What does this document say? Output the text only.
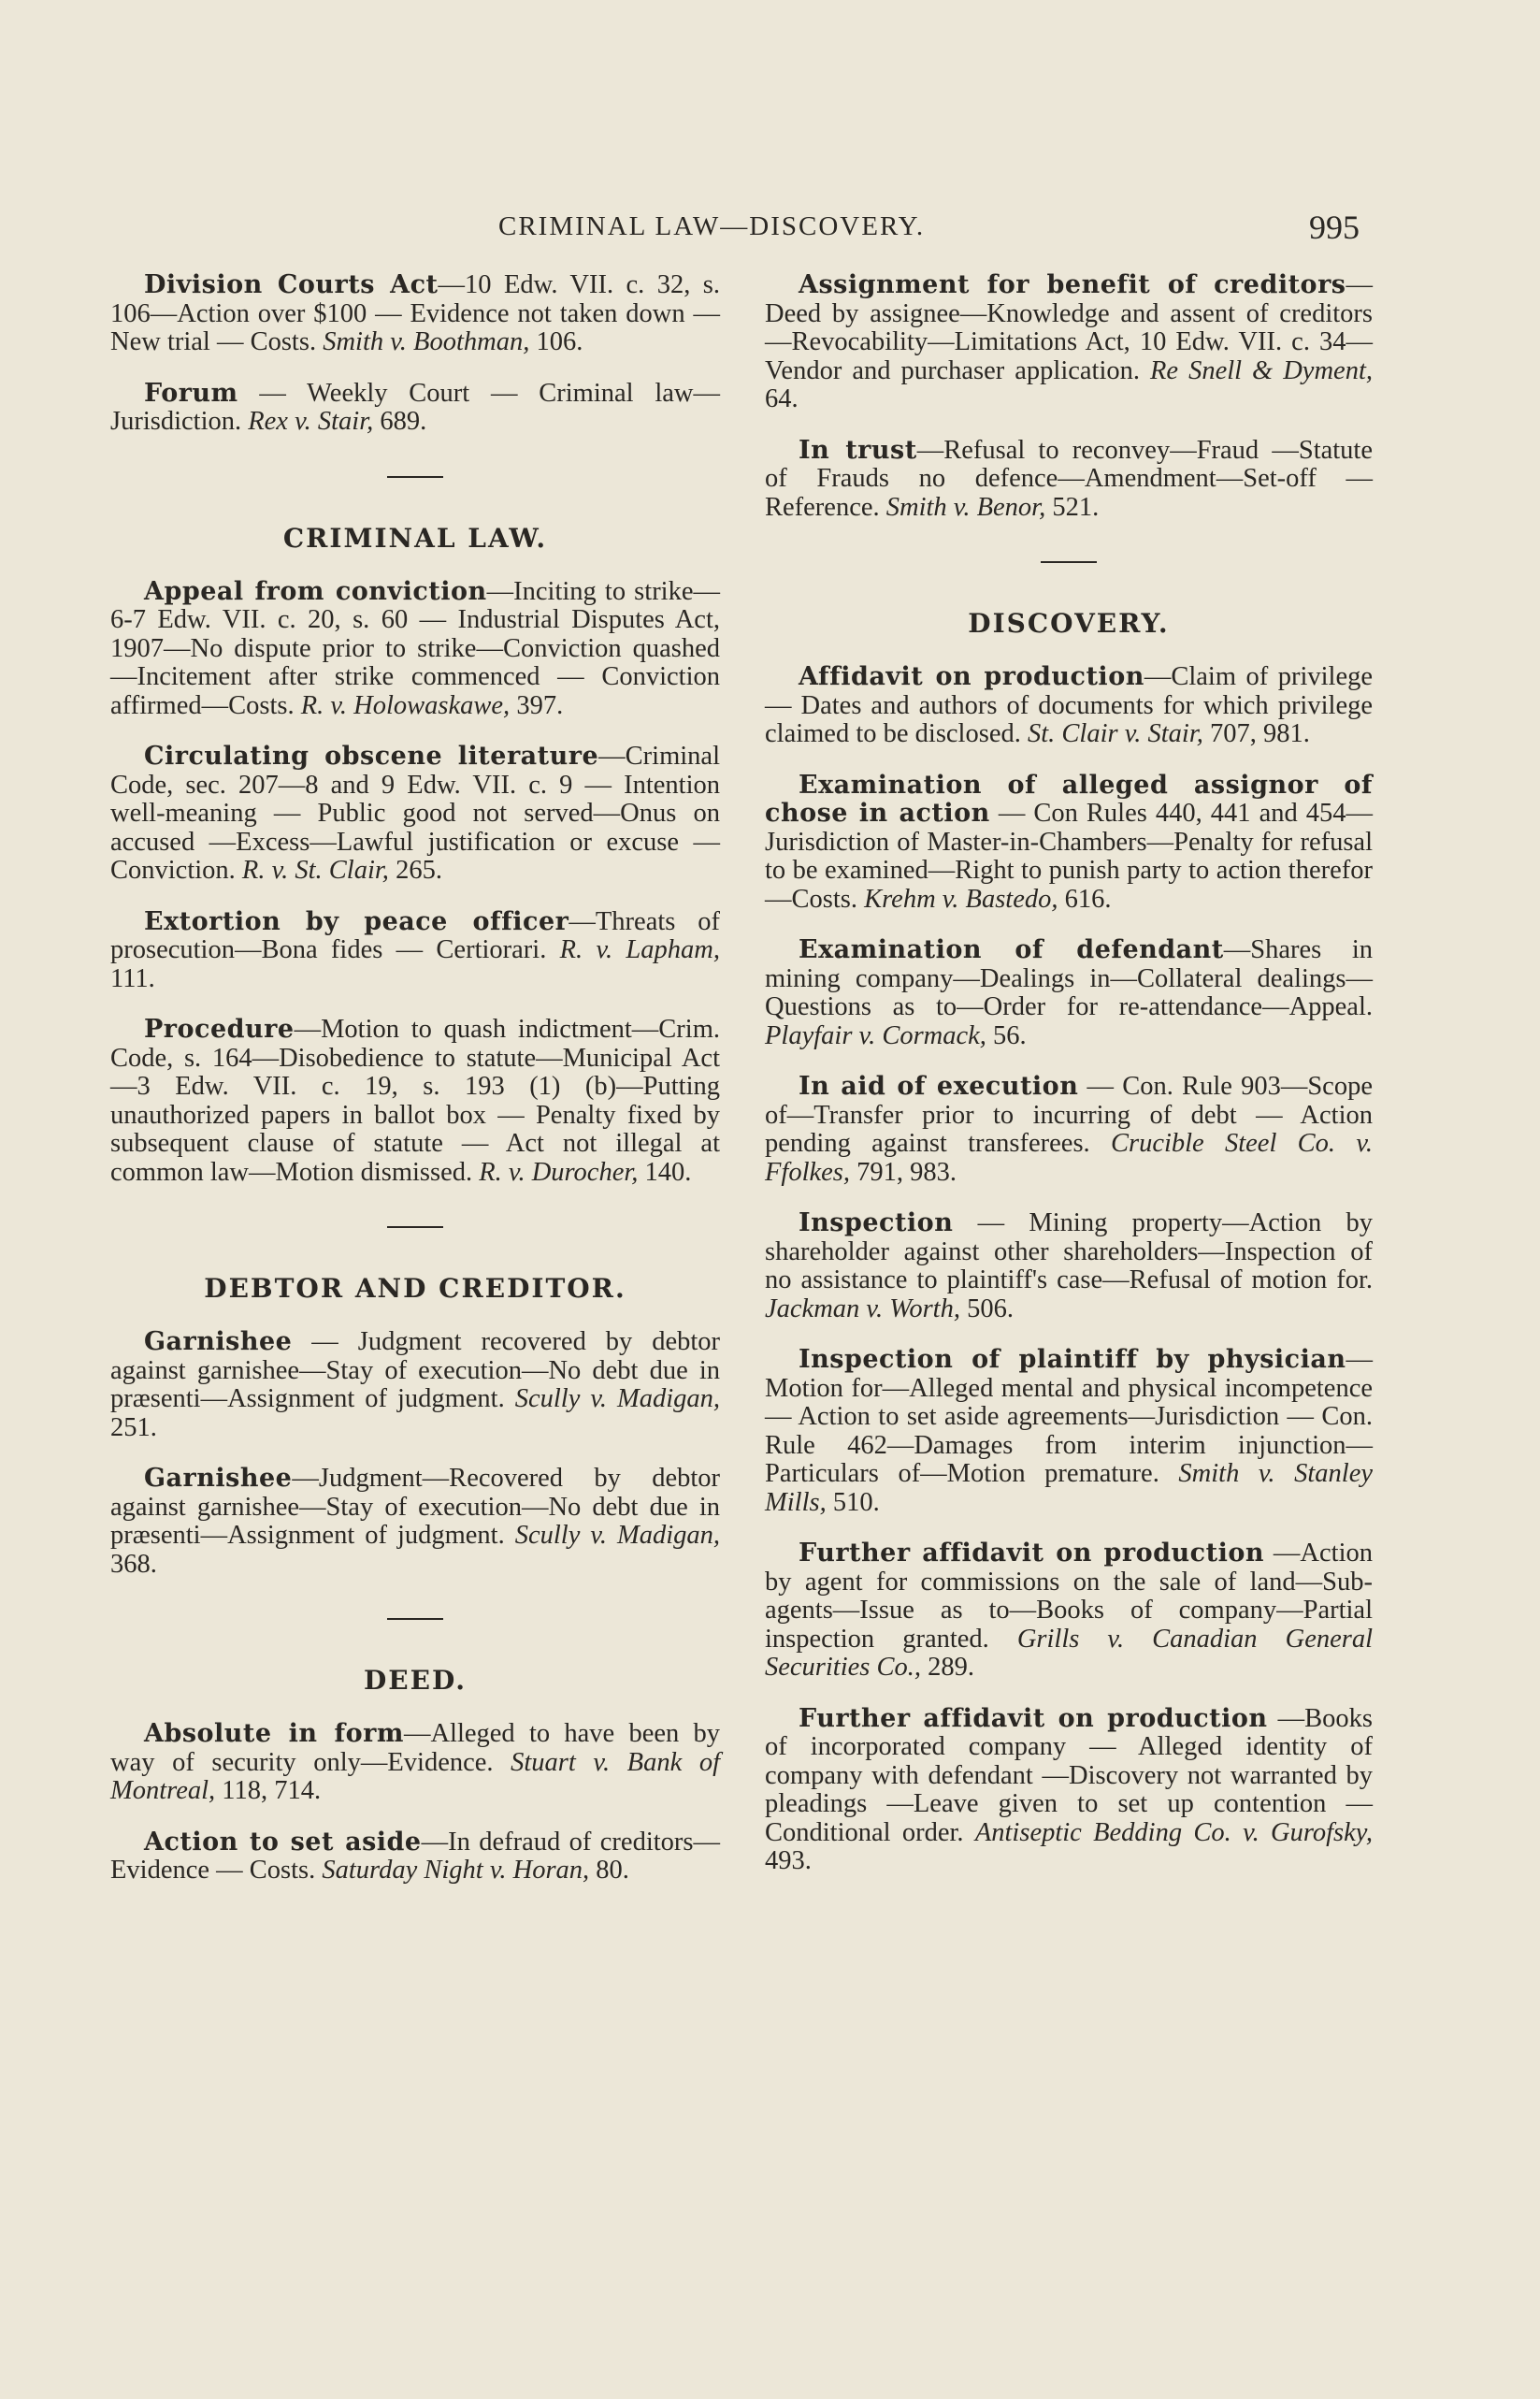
CRIMINAL LAW—DISCOVERY.	995

Division Courts Act—10 Edw. VII. c. 32, s. 106—Action over $100 — Evidence not taken down — New trial — Costs. Smith v. Boothman, 106.

Forum — Weekly Court — Criminal law—Jurisdiction. Rex v. Stair, 689.

CRIMINAL LAW.

Appeal from conviction—Inciting to strike—6-7 Edw. VII. c. 20, s. 60 — Industrial Disputes Act, 1907—No dispute prior to strike—Conviction quashed —Incitement after strike commenced — Conviction affirmed—Costs. R. v. Holowaskawe, 397.

Circulating obscene literature—Criminal Code, sec. 207—8 and 9 Edw. VII. c. 9 — Intention well-meaning — Public good not served—Onus on accused —Excess—Lawful justification or excuse —Conviction. R. v. St. Clair, 265.

Extortion by peace officer—Threats of prosecution—Bona fides — Certiorari. R. v. Lapham, 111.

Procedure—Motion to quash indictment—Crim. Code, s. 164—Disobedience to statute—Municipal Act—3 Edw. VII. c. 19, s. 193 (1) (b)—Putting unauthorized papers in ballot box — Penalty fixed by subsequent clause of statute — Act not illegal at common law—Motion dismissed. R. v. Durocher, 140.

DEBTOR AND CREDITOR.

Garnishee — Judgment recovered by debtor against garnishee—Stay of execution—No debt due in præsenti—Assignment of judgment. Scully v. Madigan, 251.

Garnishee—Judgment—Recovered by debtor against garnishee—Stay of execution—No debt due in præsenti—Assignment of judgment. Scully v. Madigan, 368.

DEED.

Absolute in form—Alleged to have been by way of security only—Evidence. Stuart v. Bank of Montreal, 118, 714.

Action to set aside—In defraud of creditors—Evidence — Costs. Saturday Night v. Horan, 80.

Assignment for benefit of creditors—Deed by assignee—Knowledge and assent of creditors—Revocability—Limitations Act, 10 Edw. VII. c. 34—Vendor and purchaser application. Re Snell & Dyment, 64.

In trust—Refusal to reconvey—Fraud —Statute of Frauds no defence—Amendment—Set-off — Reference. Smith v. Benor, 521.

DISCOVERY.

Affidavit on production—Claim of privilege — Dates and authors of documents for which privilege claimed to be disclosed. St. Clair v. Stair, 707, 981.

Examination of alleged assignor of chose in action — Con Rules 440, 441 and 454—Jurisdiction of Master-in-Chambers—Penalty for refusal to be examined—Right to punish party to action therefor—Costs. Krehm v. Bastedo, 616.

Examination of defendant—Shares in mining company—Dealings in—Collateral dealings—Questions as to—Order for re-attendance—Appeal. Playfair v. Cormack, 56.

In aid of execution — Con. Rule 903—Scope of—Transfer prior to incurring of debt — Action pending against transferees. Crucible Steel Co. v. Ffolkes, 791, 983.

Inspection — Mining property—Action by shareholder against other shareholders—Inspection of no assistance to plaintiff's case—Refusal of motion for. Jackman v. Worth, 506.

Inspection of plaintiff by physician—Motion for—Alleged mental and physical incompetence — Action to set aside agreements—Jurisdiction — Con. Rule 462—Damages from interim injunction—Particulars of—Motion premature. Smith v. Stanley Mills, 510.

Further affidavit on production —Action by agent for commissions on the sale of land—Sub-agents—Issue as to—Books of company—Partial inspection granted. Grills v. Canadian General Securities Co., 289.

Further affidavit on production —Books of incorporated company — Alleged identity of company with defendant —Discovery not warranted by pleadings —Leave given to set up contention — Conditional order. Antiseptic Bedding Co. v. Gurofsky, 493.
